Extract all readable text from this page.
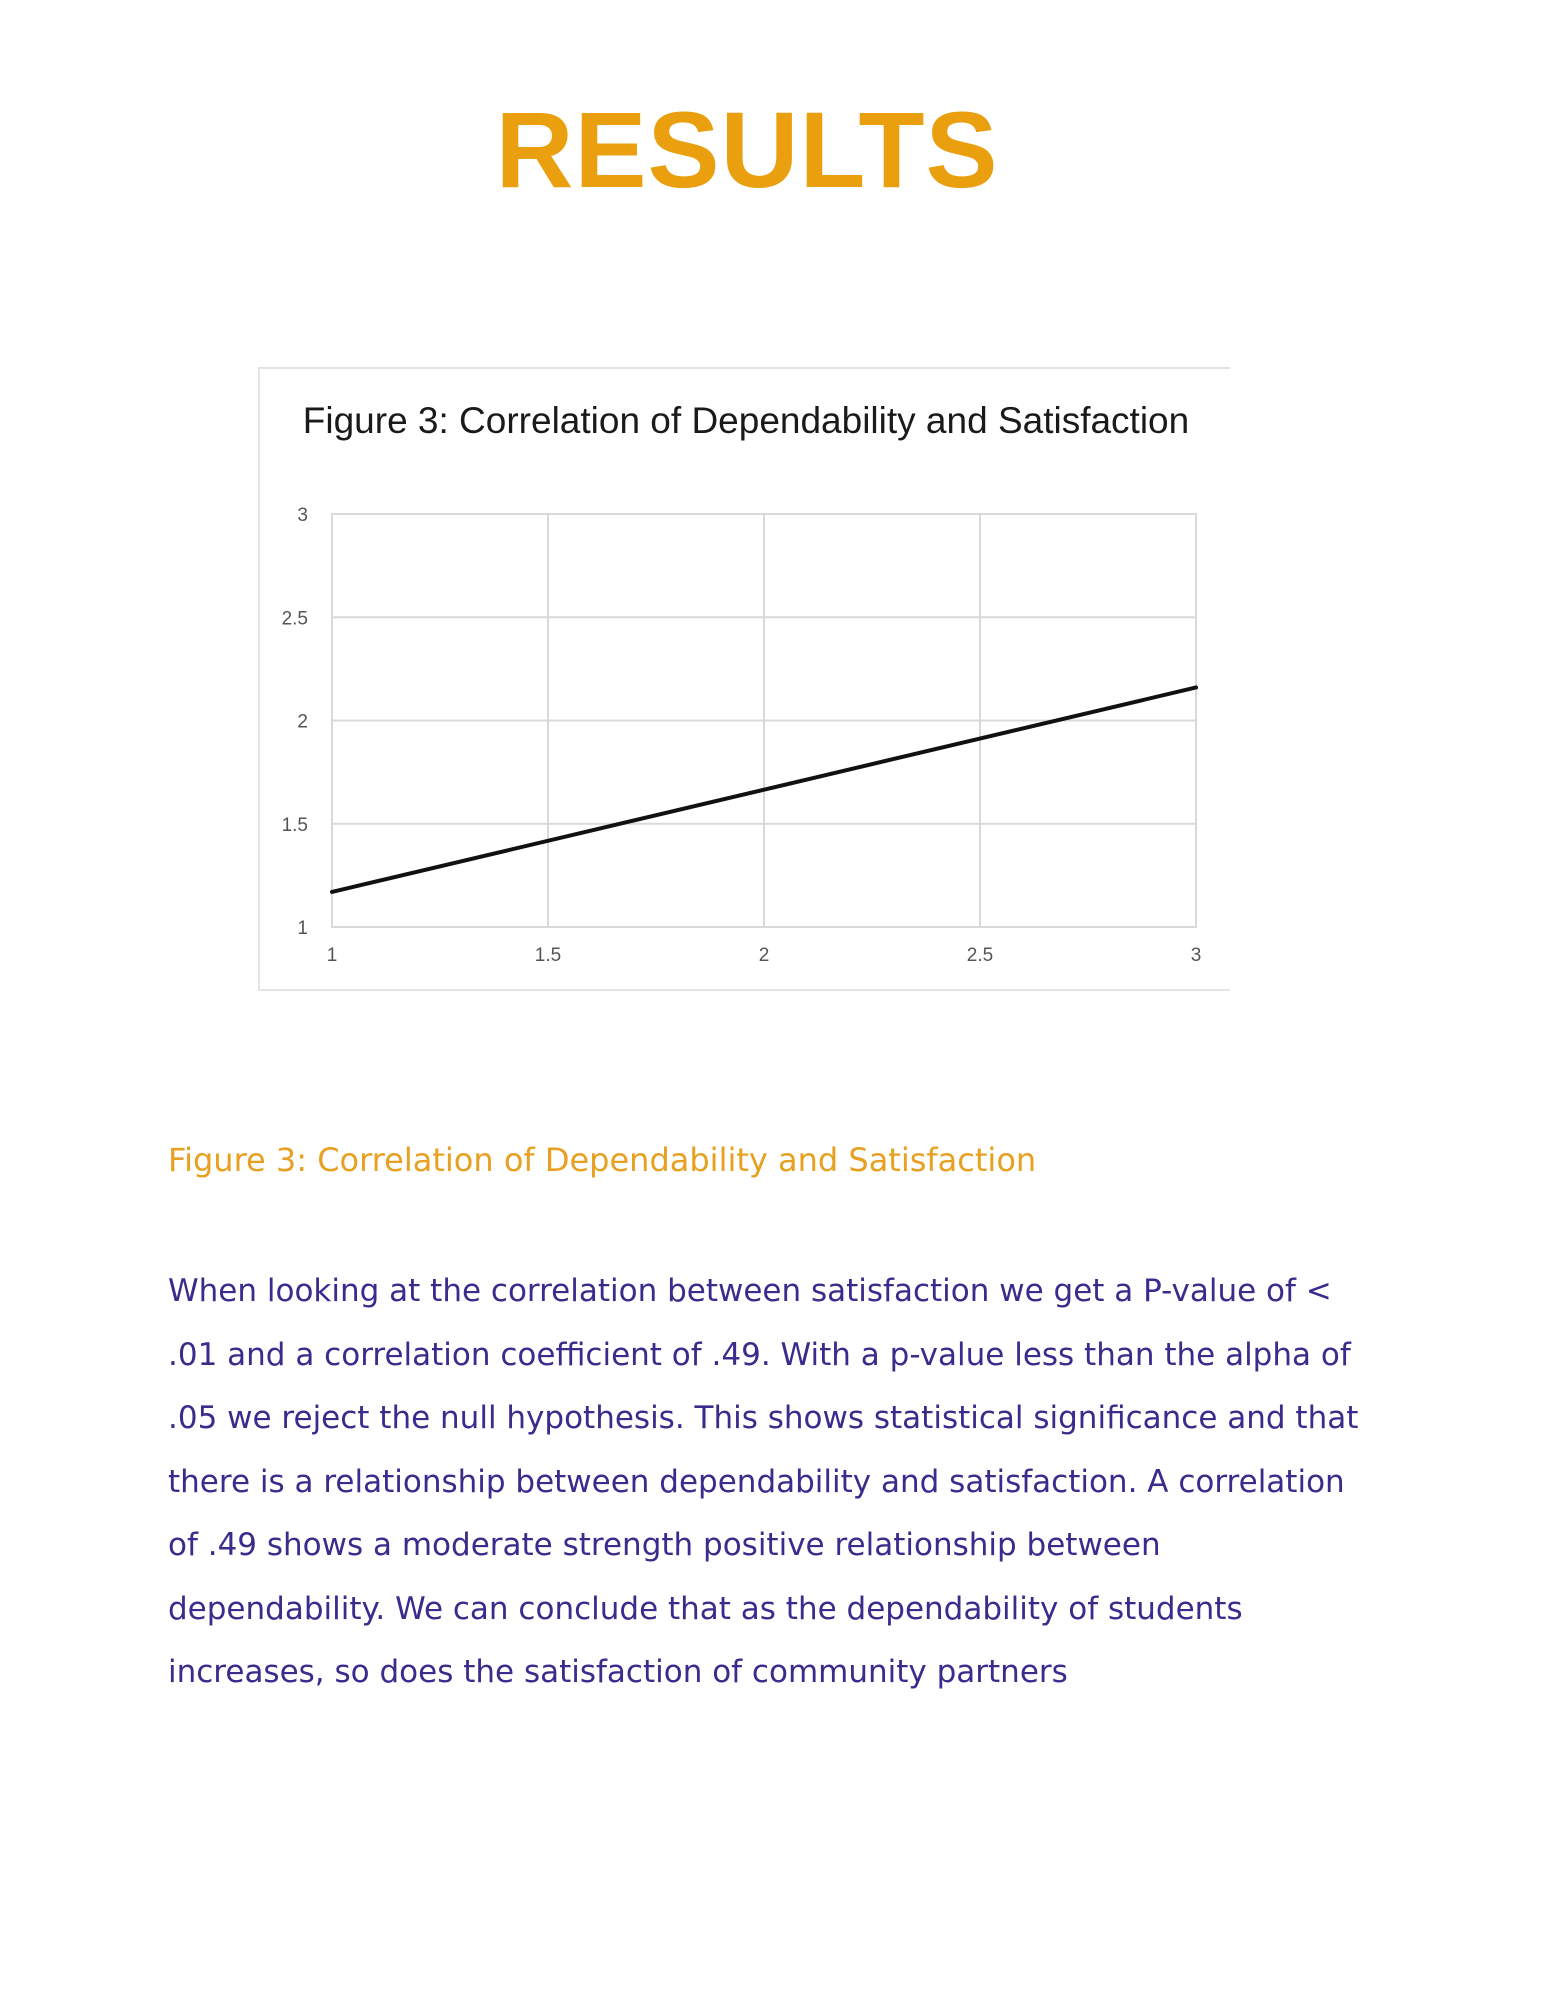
RESULTS

Figure 3: Correlation of Dependability and Satisfaction

1
1.5
2
2.5
3
1	1.5	2	2.5	3

Figure 3: Correlation of Dependability and Satisfaction

When looking at the correlation between satisfaction we get a P-value of < .01 and a correlation coefficient of .49. With a p-value less than the alpha of .05 we reject the null hypothesis. This shows statistical significance and that there is a relationship between dependability and satisfaction. A correlation of .49 shows a moderate strength positive relationship between dependability. We can conclude that as the dependability of students increases, so does the satisfaction of community partners
